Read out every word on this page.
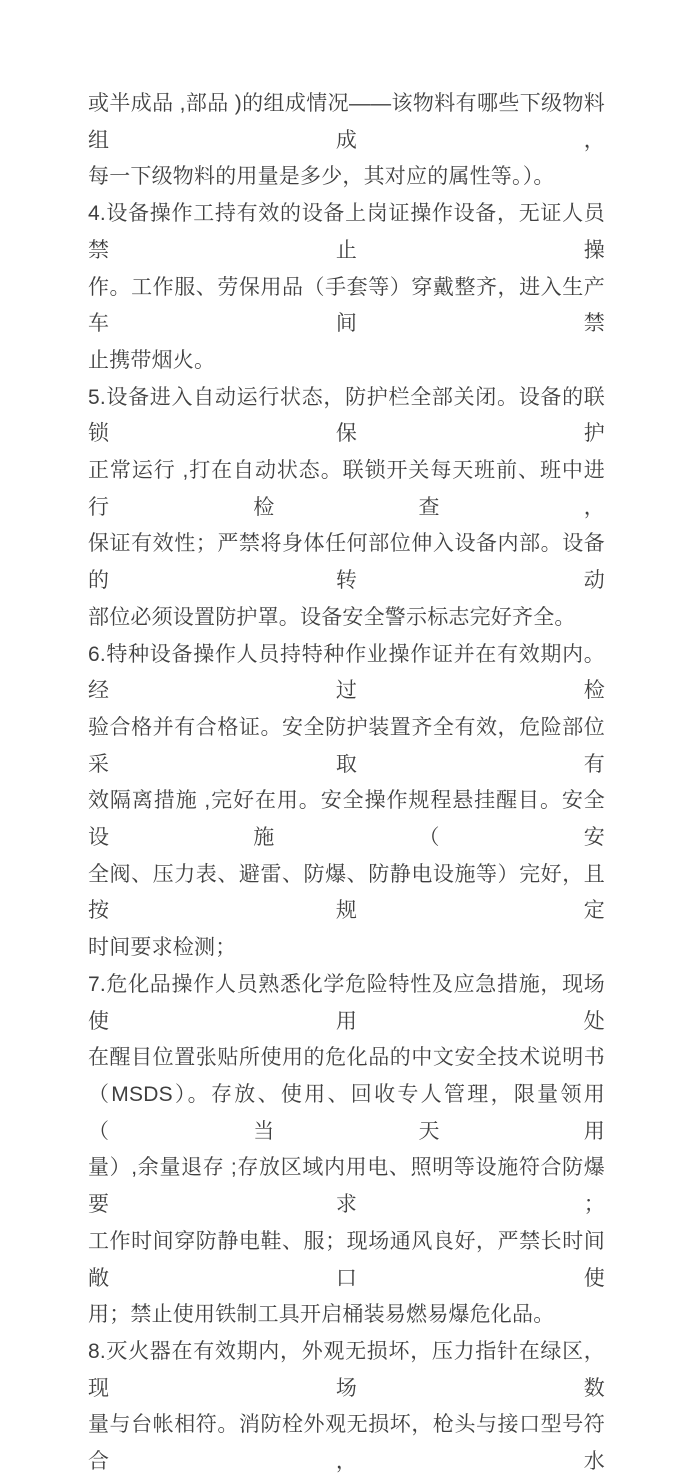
或半成品 ,部品 )的组成情况——该物料有哪些下级物料组成，
每一下级物料的用量是多少，其对应的属性等。）。
4.设备操作工持有效的设备上岗证操作设备，无证人员禁止操
作。工作服、劳保用品（手套等）穿戴整齐，进入生产车间禁
止携带烟火。
5.设备进入自动运行状态，防护栏全部关闭。设备的联锁保护
正常运行 ,打在自动状态。联锁开关每天班前、班中进行检查，
保证有效性；严禁将身体任何部位伸入设备内部。设备的转动
部位必须设置防护罩。设备安全警示标志完好齐全。
6.特种设备操作人员持特种作业操作证并在有效期内。经过检
验合格并有合格证。安全防护装置齐全有效，危险部位采取有
效隔离措施 ,完好在用。安全操作规程悬挂醒目。安全设施（安
全阀、压力表、避雷、防爆、防静电设施等）完好，且按规定
时间要求检测；
7.危化品操作人员熟悉化学危险特性及应急措施，现场使用处
在醒目位置张贴所使用的危化品的中文安全技术说明书
（MSDS）。存放、使用、回收专人管理，限量领用（当天用
量）,余量退存 ;存放区域内用电、照明等设施符合防爆要求；
工作时间穿防静电鞋、服；现场通风良好，严禁长时间敞口使
用；禁止使用铁制工具开启桶装易燃易爆危化品。
8.灭火器在有效期内，外观无损坏，压力指针在绿区，现场数
量与台帐相符。消防栓外观无损坏，枪头与接口型号符合，水
